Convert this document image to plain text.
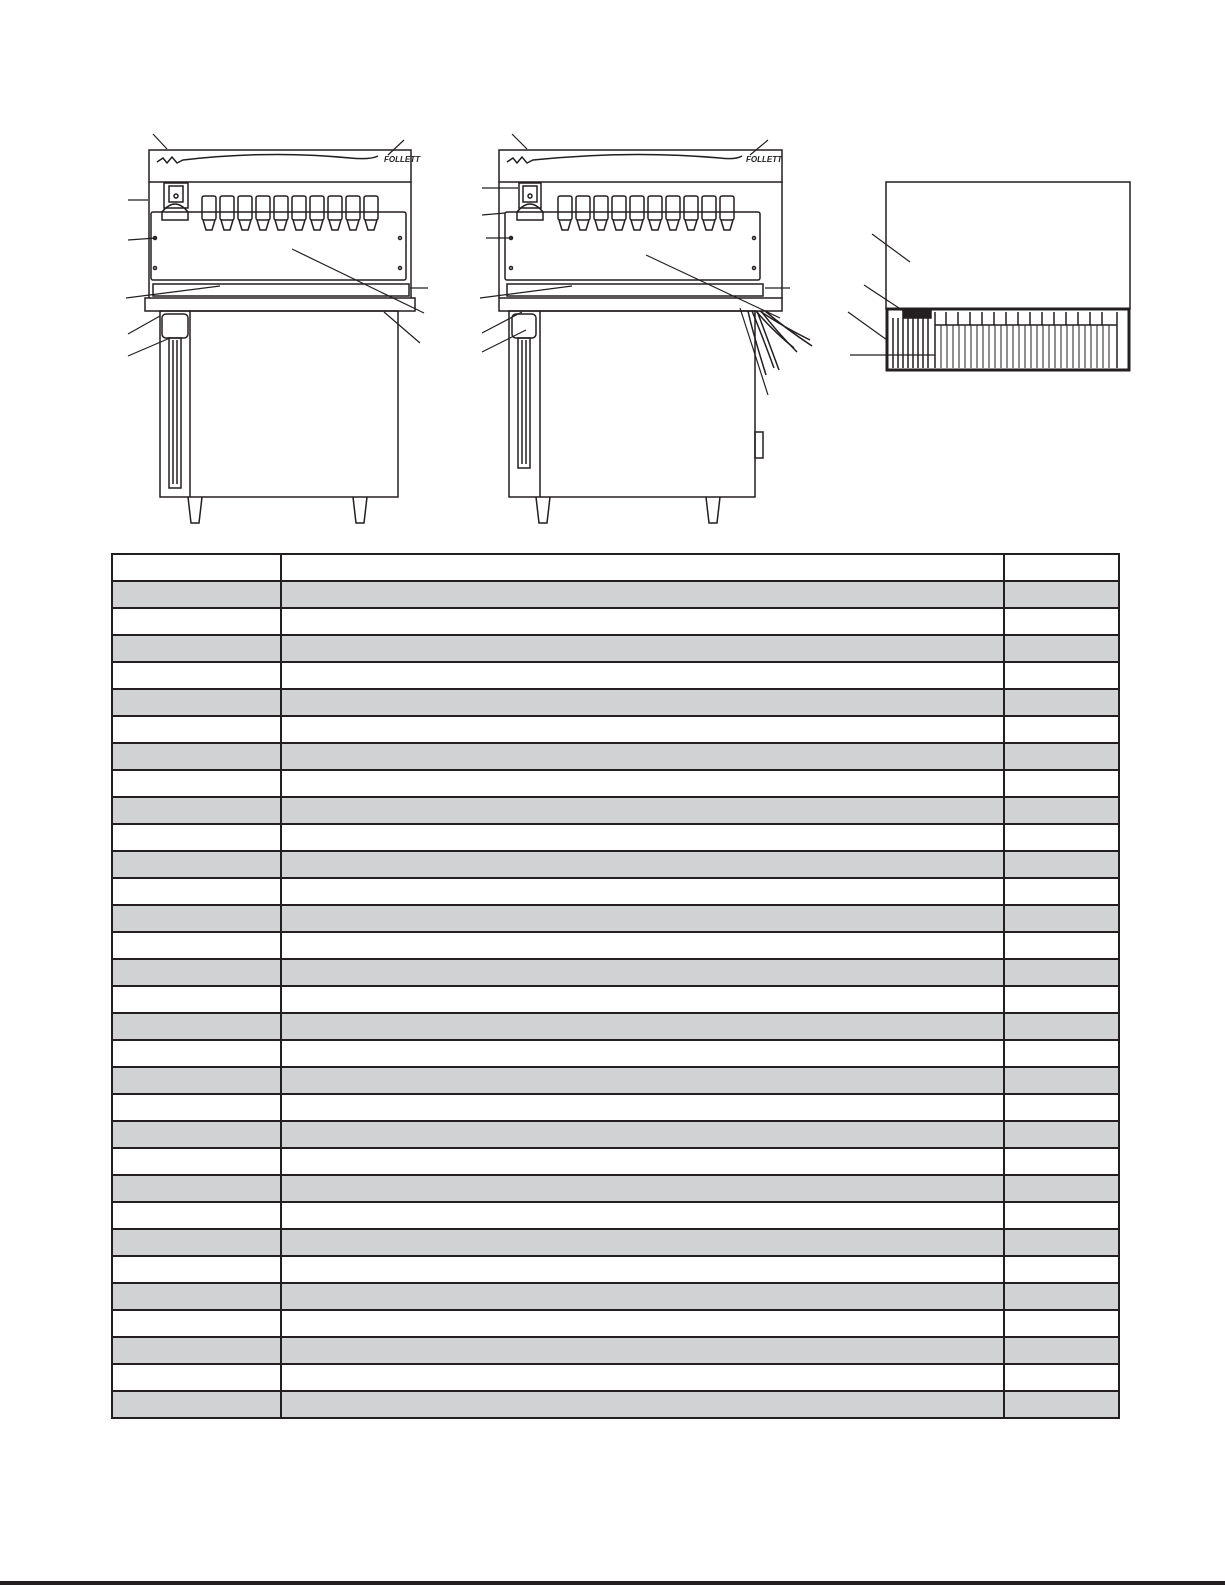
FOLLETT	FOLLETT
